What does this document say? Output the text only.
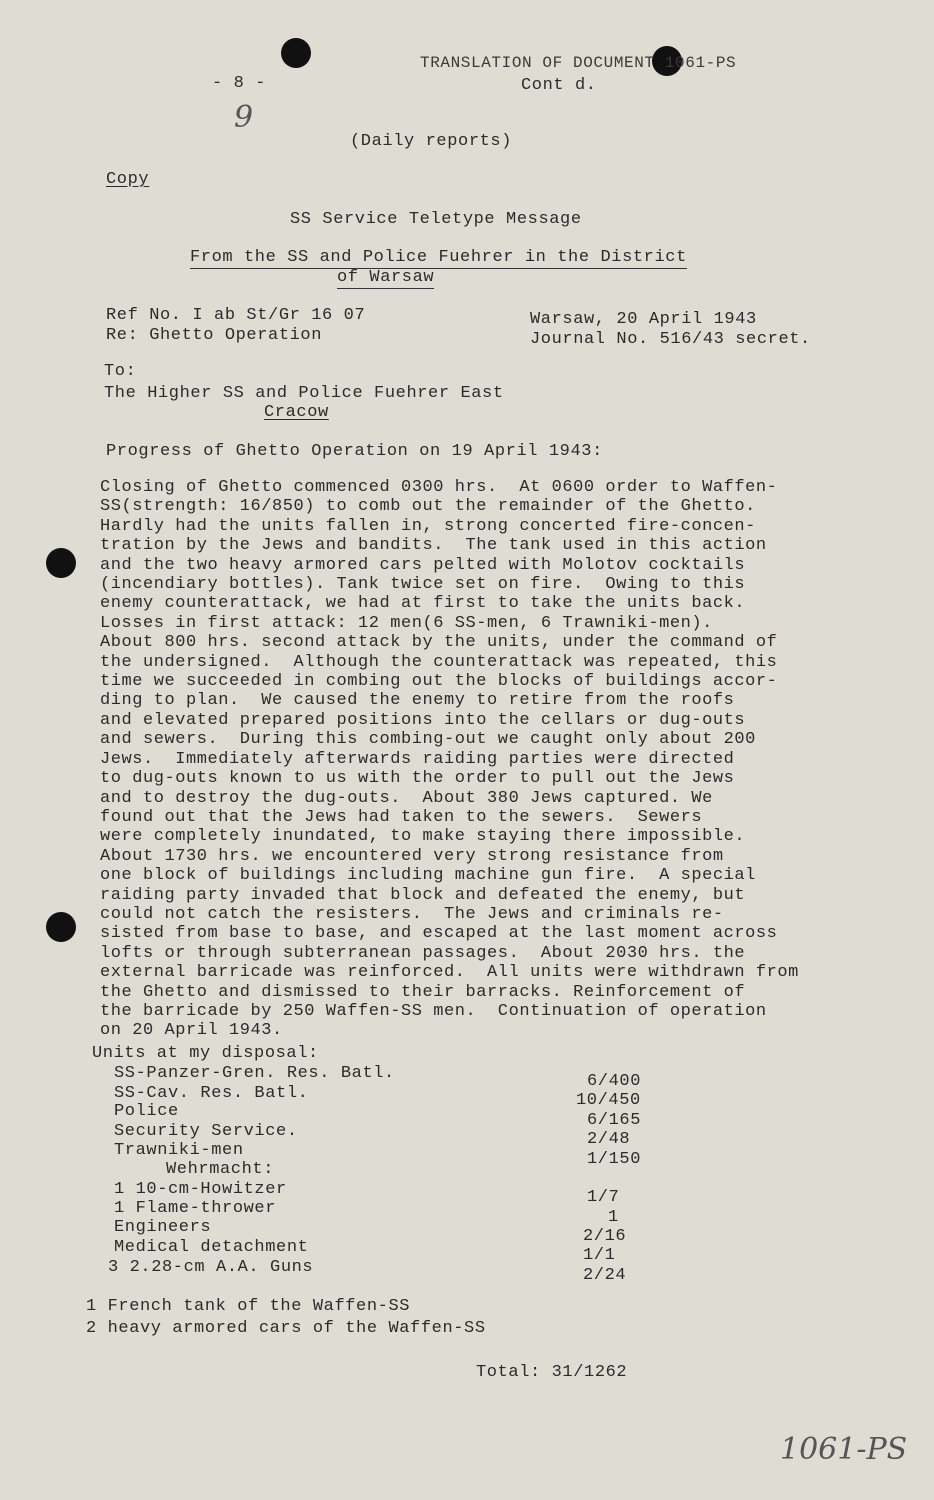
TRANSLATION OF DOCUMENT 1061-PS
- 8 -	Cont d.
9
(Daily reports)
Copy
SS Service Teletype Message
From the SS and Police Fuehrer in the District
of Warsaw
Ref No. I ab St/Gr 16 07
Re: Ghetto Operation
Warsaw, 20 April 1943
Journal No. 516/43 secret.
To:
The Higher SS and Police Fuehrer East
Cracow
Progress of Ghetto Operation on 19 April 1943:
Closing of Ghetto commenced 0300 hrs.  At 0600 order to Waffen-
SS(strength: 16/850) to comb out the remainder of the Ghetto.
Hardly had the units fallen in, strong concerted fire-concen-
tration by the Jews and bandits.  The tank used in this action
and the two heavy armored cars pelted with Molotov cocktails
(incendiary bottles). Tank twice set on fire.  Owing to this
enemy counterattack, we had at first to take the units back.
Losses in first attack: 12 men(6 SS-men, 6 Trawniki-men).
About 800 hrs. second attack by the units, under the command of
the undersigned.  Although the counterattack was repeated, this
time we succeeded in combing out the blocks of buildings accor-
ding to plan.  We caused the enemy to retire from the roofs
and elevated prepared positions into the cellars or dug-outs
and sewers.  During this combing-out we caught only about 200
Jews.  Immediately afterwards raiding parties were directed
to dug-outs known to us with the order to pull out the Jews
and to destroy the dug-outs.  About 380 Jews captured. We
found out that the Jews had taken to the sewers.  Sewers
were completely inundated, to make staying there impossible.
About 1730 hrs. we encountered very strong resistance from
one block of buildings including machine gun fire.  A special
raiding party invaded that block and defeated the enemy, but
could not catch the resisters.  The Jews and criminals re-
sisted from base to base, and escaped at the last moment across
lofts or through subterranean passages.  About 2030 hrs. the
external barricade was reinforced.  All units were withdrawn from
the Ghetto and dismissed to their barracks. Reinforcement of
the barricade by 250 Waffen-SS men.  Continuation of operation
on 20 April 1943.
Units at my disposal:
SS-Panzer-Gren. Res. Batl.	6/400
SS-Cav. Res. Batl.	10/450
Police	6/165
Security Service.	2/48
Trawniki-men	1/150
Wehrmacht:
1 10-cm-Howitzer	1/7
1 Flame-thrower	1
Engineers	2/16
Medical detachment	1/1
3 2.28-cm A.A. Guns	2/24
1 French tank of the Waffen-SS
2 heavy armored cars of the Waffen-SS
Total: 31/1262
1061-PS
